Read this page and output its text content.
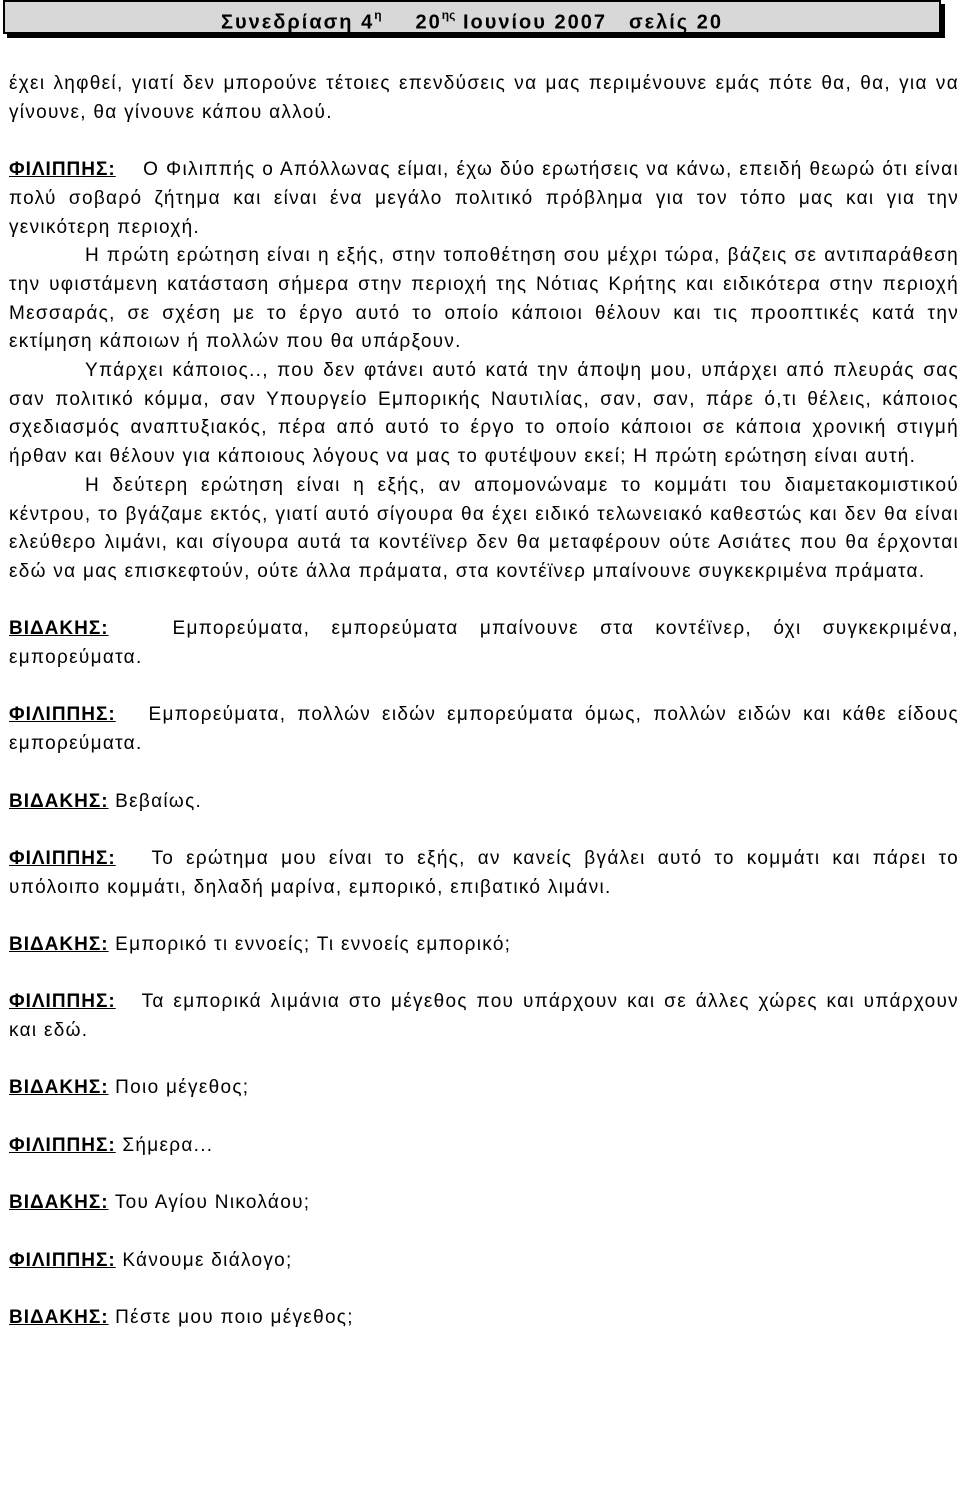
Συνεδρίαση $4^\eta$ $20^{\eta\varsigma}$ Ιουνίου 2007 σελίς 20

έχει ληφθεί, γιατί δεν μπορούνε τέτοιες επενδύσεις να μας περιμένουνε εμάς πότε θα, θα, για να γίνουνε, θα γίνουνε κάπου αλλού.

ΦΙΛΙΠΠΗΣ: Ο Φιλιππής ο Απόλλωνας είμαι, έχω δύο ερωτήσεις να κάνω, επειδή θεωρώ ότι είναι πολύ σοβαρό ζήτημα και είναι ένα μεγάλο πολιτικό πρόβλημα για τον τόπο μας και για την γενικότερη περιοχή.

Η πρώτη ερώτηση είναι η εξής, στην τοποθέτηση σου μέχρι τώρα, βάζεις σε αντιπαράθεση την υφιστάμενη κατάσταση σήμερα στην περιοχή της Νότιας Κρήτης και ειδικότερα στην περιοχή Μεσσαράς, σε σχέση με το έργο αυτό το οποίο κάποιοι θέλουν και τις προοπτικές κατά την εκτίμηση κάποιων ή πολλών που θα υπάρξουν.

Υπάρχει κάποιος.., που δεν φτάνει αυτό κατά την άποψη μου, υπάρχει από πλευράς σας σαν πολιτικό κόμμα, σαν Υπουργείο Εμπορικής Ναυτιλίας, σαν, σαν, πάρε ό,τι θέλεις, κάποιος σχεδιασμός αναπτυξιακός, πέρα από αυτό το έργο το οποίο κάποιοι σε κάποια χρονική στιγμή ήρθαν και θέλουν για κάποιους λόγους να μας το φυτέψουν εκεί; Η πρώτη ερώτηση είναι αυτή.

Η δεύτερη ερώτηση είναι η εξής, αν απομονώναμε το κομμάτι του διαμετακομιστικού κέντρου, το βγάζαμε εκτός, γιατί αυτό σίγουρα θα έχει ειδικό τελωνειακό καθεστώς και δεν θα είναι ελεύθερο λιμάνι, και σίγουρα αυτά τα κοντέϊνερ δεν θα μεταφέρουν ούτε Ασιάτες που θα έρχονται εδώ να μας επισκεφτούν, ούτε άλλα πράματα, στα κοντέϊνερ μπαίνουνε συγκεκριμένα πράματα.

ΒΙΔΑΚΗΣ:	Εμπορεύματα, εμπορεύματα μπαίνουνε στα κοντέϊνερ, όχι συγκεκριμένα, εμπορεύματα.

ΦΙΛΙΠΠΗΣ: Εμπορεύματα, πολλών ειδών εμπορεύματα όμως, πολλών ειδών και κάθε είδους εμπορεύματα.

ΒΙΔΑΚΗΣ: Βεβαίως.

ΦΙΛΙΠΠΗΣ: Το ερώτημα μου είναι το εξής, αν κανείς βγάλει αυτό το κομμάτι και πάρει το υπόλοιπο κομμάτι, δηλαδή μαρίνα, εμπορικό, επιβατικό λιμάνι.

ΒΙΔΑΚΗΣ: Εμπορικό τι εννοείς; Τι εννοείς εμπορικό;

ΦΙΛΙΠΠΗΣ: Τα εμπορικά λιμάνια στο μέγεθος που υπάρχουν και σε άλλες χώρες και υπάρχουν και εδώ.

ΒΙΔΑΚΗΣ: Ποιο μέγεθος;

ΦΙΛΙΠΠΗΣ: Σήμερα...

ΒΙΔΑΚΗΣ: Του Αγίου Νικολάου;

ΦΙΛΙΠΠΗΣ: Κάνουμε διάλογο;

ΒΙΔΑΚΗΣ: Πέστε μου ποιο μέγεθος;
